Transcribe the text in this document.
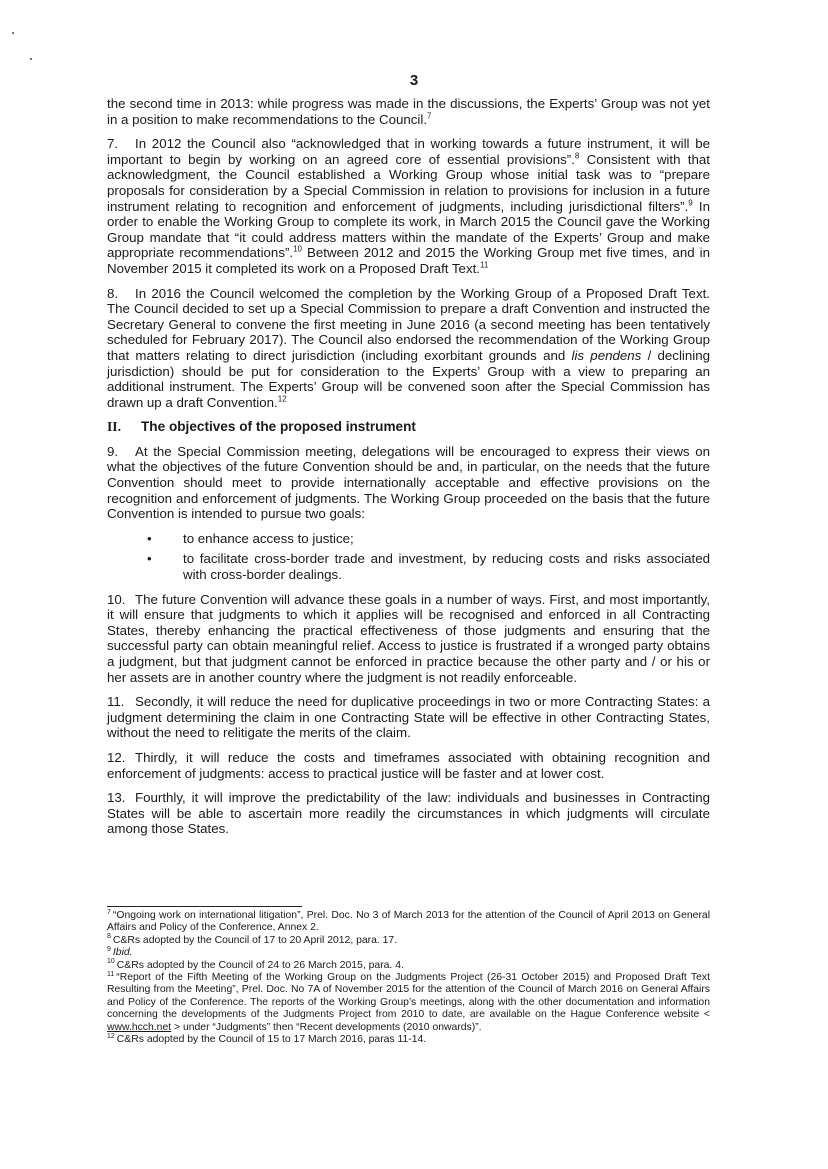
3

the second time in 2013: while progress was made in the discussions, the Experts’ Group was not yet in a position to make recommendations to the Council.$^7$

7. In 2012 the Council also “acknowledged that in working towards a future instrument, it will be important to begin by working on an agreed core of essential provisions”.$^8$ Consistent with that acknowledgment, the Council established a Working Group whose initial task was to “prepare proposals for consideration by a Special Commission in relation to provisions for inclusion in a future instrument relating to recognition and enforcement of judgments, including jurisdictional filters”.$^9$ In order to enable the Working Group to complete its work, in March 2015 the Council gave the Working Group mandate that “it could address matters within the mandate of the Experts’ Group and make appropriate recommendations”.$^{10}$ Between 2012 and 2015 the Working Group met five times, and in November 2015 it completed its work on a Proposed Draft Text.$^{11}$

8. In 2016 the Council welcomed the completion by the Working Group of a Proposed Draft Text. The Council decided to set up a Special Commission to prepare a draft Convention and instructed the Secretary General to convene the first meeting in June 2016 (a second meeting has been tentatively scheduled for February 2017). The Council also endorsed the recommendation of the Working Group that matters relating to direct jurisdiction (including exorbitant grounds and lis pendens / declining jurisdiction) should be put for consideration to the Experts’ Group with a view to preparing an additional instrument. The Experts’ Group will be convened soon after the Special Commission has drawn up a draft Convention.$^{12}$

II. The objectives of the proposed instrument

9. At the Special Commission meeting, delegations will be encouraged to express their views on what the objectives of the future Convention should be and, in particular, on the needs that the future Convention should meet to provide internationally acceptable and effective provisions on the recognition and enforcement of judgments. The Working Group proceeded on the basis that the future Convention is intended to pursue two goals:

• to enhance access to justice;
• to facilitate cross-border trade and investment, by reducing costs and risks associated with cross-border dealings.

10. The future Convention will advance these goals in a number of ways. First, and most importantly, it will ensure that judgments to which it applies will be recognised and enforced in all Contracting States, thereby enhancing the practical effectiveness of those judgments and ensuring that the successful party can obtain meaningful relief. Access to justice is frustrated if a wronged party obtains a judgment, but that judgment cannot be enforced in practice because the other party and / or his or her assets are in another country where the judgment is not readily enforceable.

11. Secondly, it will reduce the need for duplicative proceedings in two or more Contracting States: a judgment determining the claim in one Contracting State will be effective in other Contracting States, without the need to relitigate the merits of the claim.

12. Thirdly, it will reduce the costs and timeframes associated with obtaining recognition and enforcement of judgments: access to practical justice will be faster and at lower cost.

13. Fourthly, it will improve the predictability of the law: individuals and businesses in Contracting States will be able to ascertain more readily the circumstances in which judgments will circulate among those States.

$^7$ “Ongoing work on international litigation”, Prel. Doc. No 3 of March 2013 for the attention of the Council of April 2013 on General Affairs and Policy of the Conference, Annex 2.

$^8$ C&Rs adopted by the Council of 17 to 20 April 2012, para. 17.

$^9$ Ibid.

$^{10}$ C&Rs adopted by the Council of 24 to 26 March 2015, para. 4.

$^{11}$ “Report of the Fifth Meeting of the Working Group on the Judgments Project (26-31 October 2015) and Proposed Draft Text Resulting from the Meeting”, Prel. Doc. No 7A of November 2015 for the attention of the Council of March 2016 on General Affairs and Policy of the Conference. The reports of the Working Group’s meetings, along with the other documentation and information concerning the developments of the Judgments Project from 2010 to date, are available on the Hague Conference website < www.hcch.net > under “Judgments” then “Recent developments (2010 onwards)”.

$^{12}$ C&Rs adopted by the Council of 15 to 17 March 2016, paras 11-14.
